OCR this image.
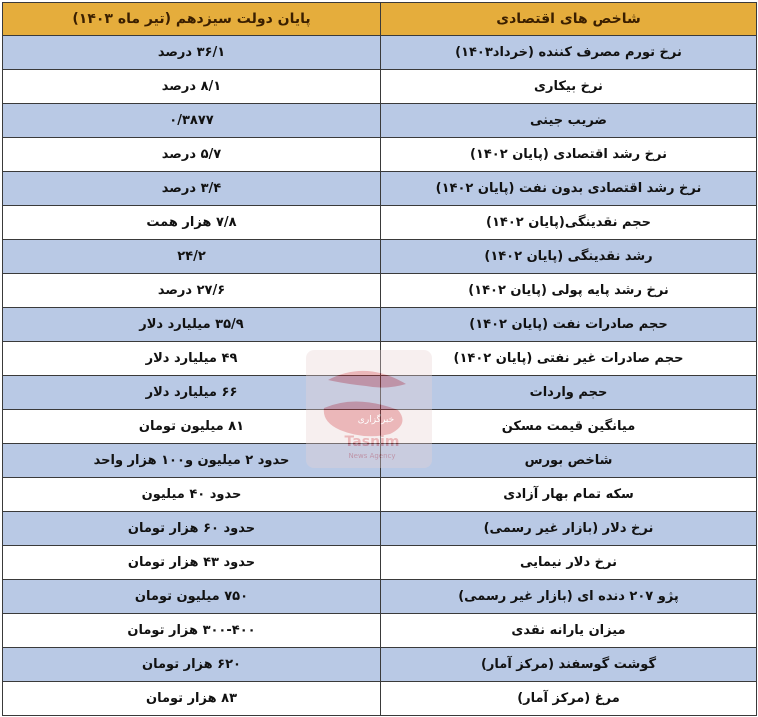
شاخص های اقتصادی	پایان دولت سیزدهم (تیر ماه ۱۴۰۳)
نرخ تورم مصرف کننده (خرداد۱۴۰۳)	۳۶/۱ درصد
نرخ بیکاری	۸/۱ درصد
ضریب جینی	۰/۳۸۷۷
نرخ رشد اقتصادی (پایان ۱۴۰۲)	۵/۷ درصد
نرخ رشد اقتصادی بدون نفت (پایان ۱۴۰۲)	۳/۴ درصد
حجم نقدینگی(پایان ۱۴۰۲)	۷/۸ هزار همت
رشد نقدینگی (پایان ۱۴۰۲)	۲۴/۲
نرخ رشد پایه پولی (پایان ۱۴۰۲)	۲۷/۶ درصد
حجم صادرات نفت (پایان ۱۴۰۲)	۳۵/۹ میلیارد دلار
حجم صادرات غیر نفتی (پایان ۱۴۰۲)	۴۹ میلیارد دلار
حجم واردات	۶۶ میلیارد دلار
میانگین قیمت مسکن	۸۱ میلیون تومان
شاخص بورس	حدود ۲ میلیون و۱۰۰ هزار واحد
سکه تمام بهار آزادی	حدود ۴۰ میلیون
نرخ دلار (بازار غیر رسمی)	حدود ۶۰ هزار تومان
نرخ دلار نیمایی	حدود ۴۳ هزار تومان
پژو ۲۰۷ دنده ای (بازار غیر رسمی)	۷۵۰ میلیون تومان
میزان یارانه نقدی	۳۰۰-۴۰۰ هزار تومان
گوشت گوسفند (مرکز آمار)	۶۲۰ هزار تومان
مرغ (مرکز آمار)	۸۳ هزار تومان
خبرگزاری
Tasnim
News Agency
